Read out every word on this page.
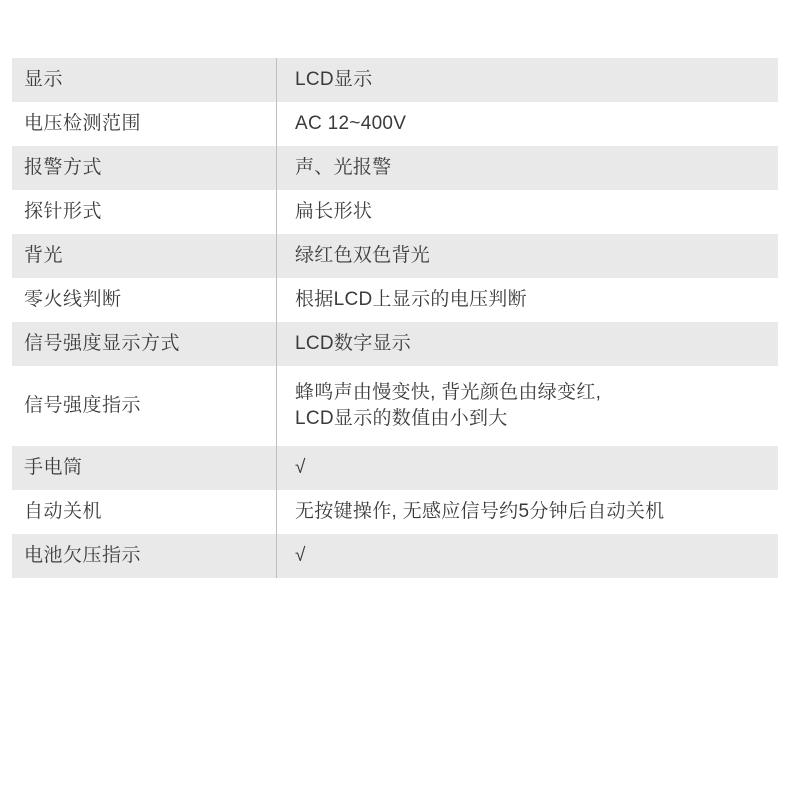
显示	LCD显示

电压检测范围	AC 12~400V

报警方式	声、光报警

探针形式	扁长形状

背光	绿红色双色背光

零火线判断	根据LCD上显示的电压判断

信号强度显示方式	LCD数字显示

信号强度指示	蜂鸣声由慢变快, 背光颜色由绿变红,
LCD显示的数值由小到大

手电筒	√

自动关机	无按键操作, 无感应信号约5分钟后自动关机

电池欠压指示	√
